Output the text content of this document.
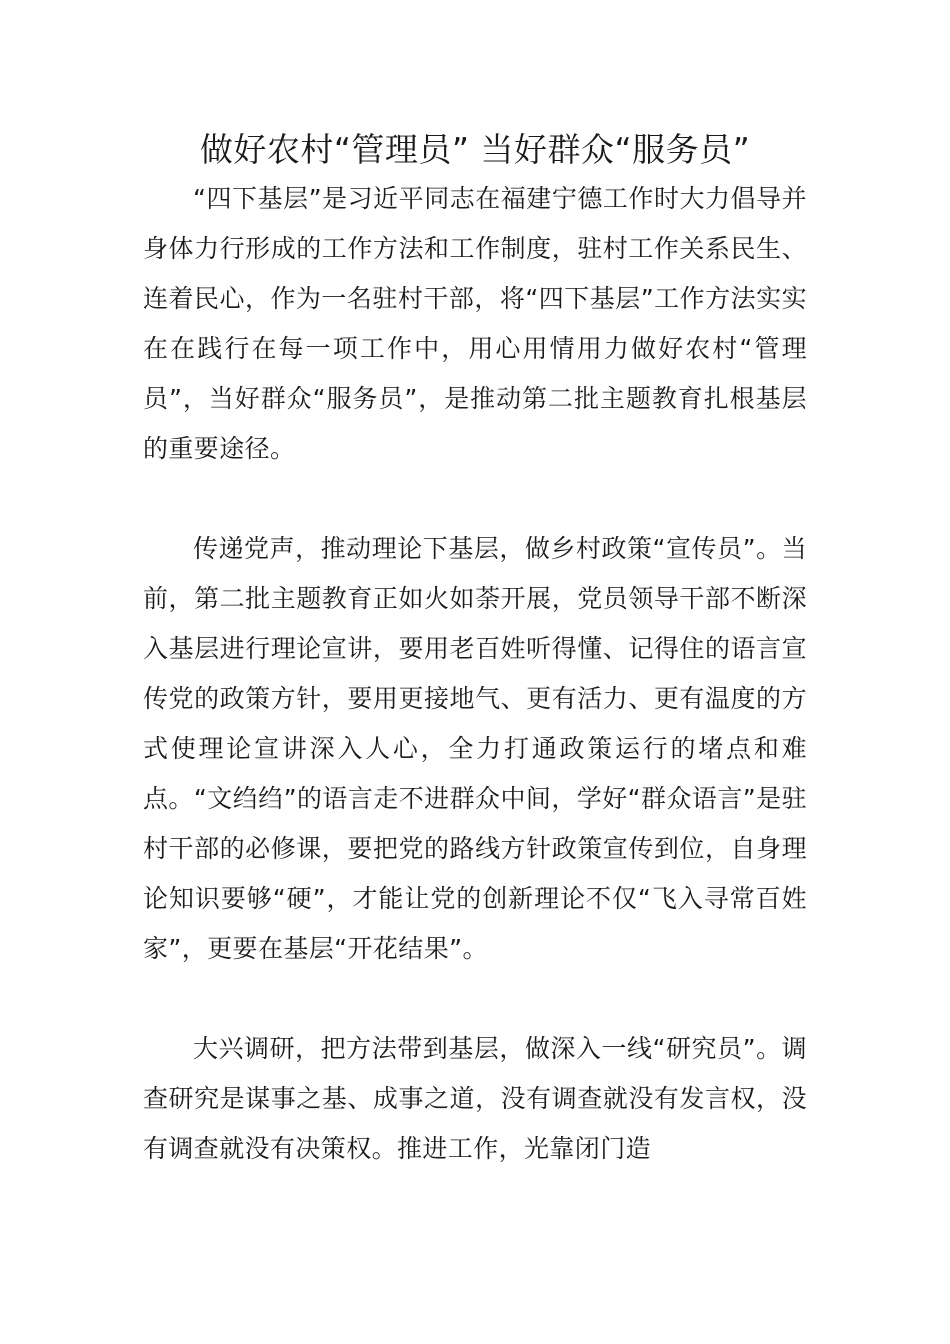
做好农村“管理员” 当好群众“服务员”

“四下基层”是习近平同志在福建宁德工作时大力倡导并身体力行形成的工作方法和工作制度，驻村工作关系民生、连着民心，作为一名驻村干部，将“四下基层”工作方法实实在在践行在每一项工作中，用心用情用力做好农村“管理员”，当好群众“服务员”，是推动第二批主题教育扎根基层的重要途径。

传递党声，推动理论下基层，做乡村政策“宣传员”。当前，第二批主题教育正如火如荼开展，党员领导干部不断深入基层进行理论宣讲，要用老百姓听得懂、记得住的语言宣传党的政策方针，要用更接地气、更有活力、更有温度的方式使理论宣讲深入人心，全力打通政策运行的堵点和难点。“文绉绉”的语言走不进群众中间，学好“群众语言”是驻村干部的必修课，要把党的路线方针政策宣传到位，自身理论知识要够“硬”，才能让党的创新理论不仅“飞入寻常百姓家”，更要在基层“开花结果”。

大兴调研，把方法带到基层，做深入一线“研究员”。调查研究是谋事之基、成事之道，没有调查就没有发言权，没有调查就没有决策权。推进工作，光靠闭门造
